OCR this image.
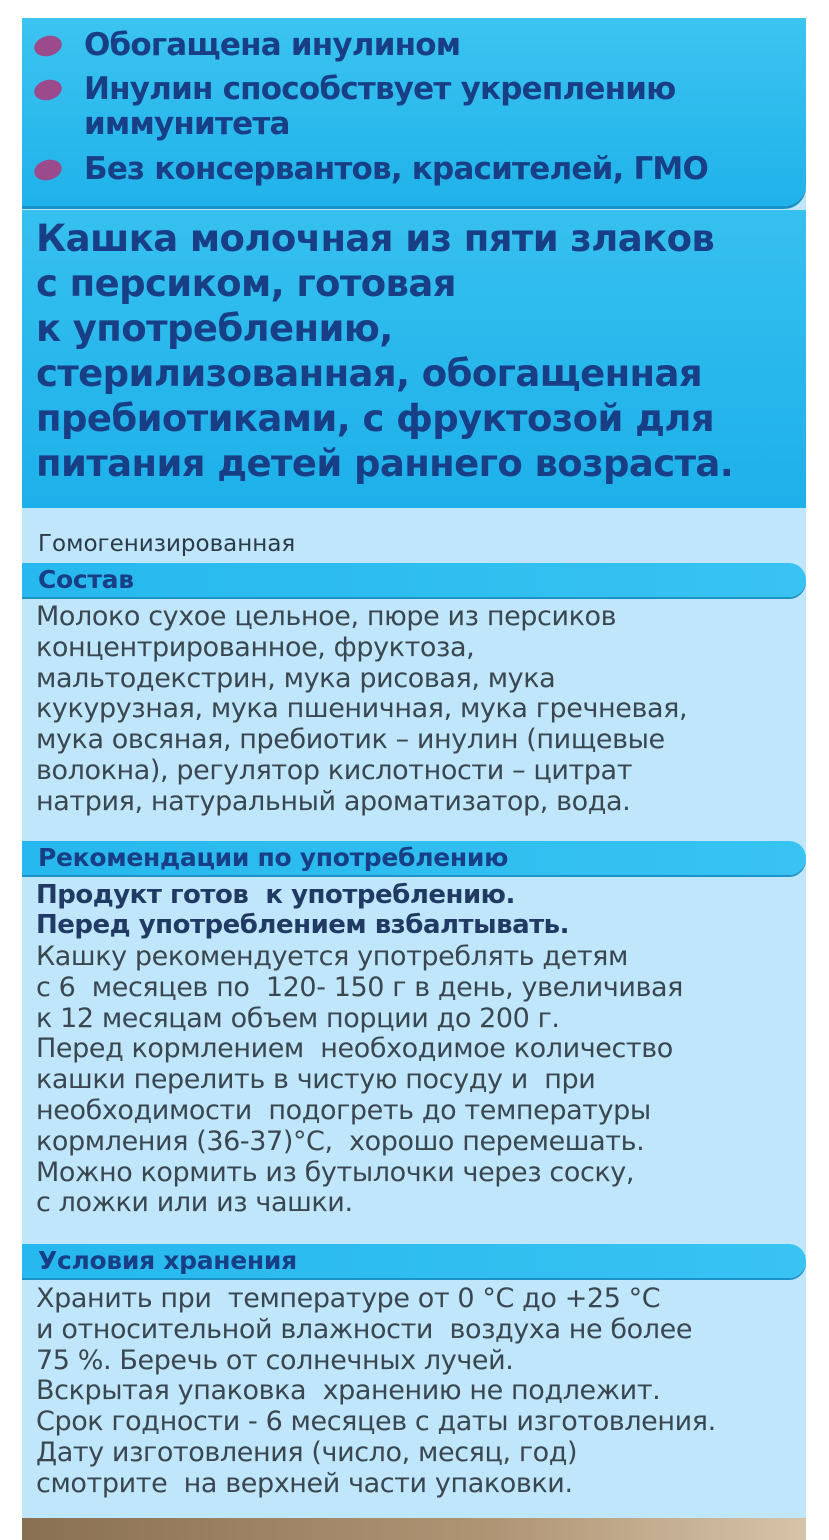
Обогащена инулином
Инулин способствует укреплению
иммунитета
Без консервантов, красителей, ГМО
Кашка молочная из пяти злаков
с персиком, готовая
к употреблению,
стерилизованная, обогащенная
пребиотиками, с фруктозой для
питания детей раннего возраста.
Гомогенизированная
Состав
Молоко сухое цельное, пюре из персиков
концентрированное, фруктоза,
мальтодекстрин, мука рисовая, мука
кукурузная, мука пшеничная, мука гречневая,
мука овсяная, пребиотик – инулин (пищевые
волокна), регулятор кислотности – цитрат
натрия, натуральный ароматизатор, вода.
Рекомендации по употреблению
Продукт готов  к употреблению.
Перед употреблением взбалтывать.
Кашку рекомендуется употреблять детям
с 6  месяцев по  120- 150 г в день, увеличивая
к 12 месяцам объем порции до 200 г.
Перед кормлением  необходимое количество
кашки перелить в чистую посуду и  при
необходимости  подогреть до температуры
кормления (36-37)°С,  хорошо перемешать.
Можно кормить из бутылочки через соску,
с ложки или из чашки.
Условия хранения
Хранить при  температуре от 0 °С до +25 °С
и относительной влажности  воздуха не более
75 %. Беречь от солнечных лучей.
Вскрытая упаковка  хранению не подлежит.
Срок годности - 6 месяцев с даты изготовления.
Дату изготовления (число, месяц, год)
смотрите  на верхней части упаковки.
